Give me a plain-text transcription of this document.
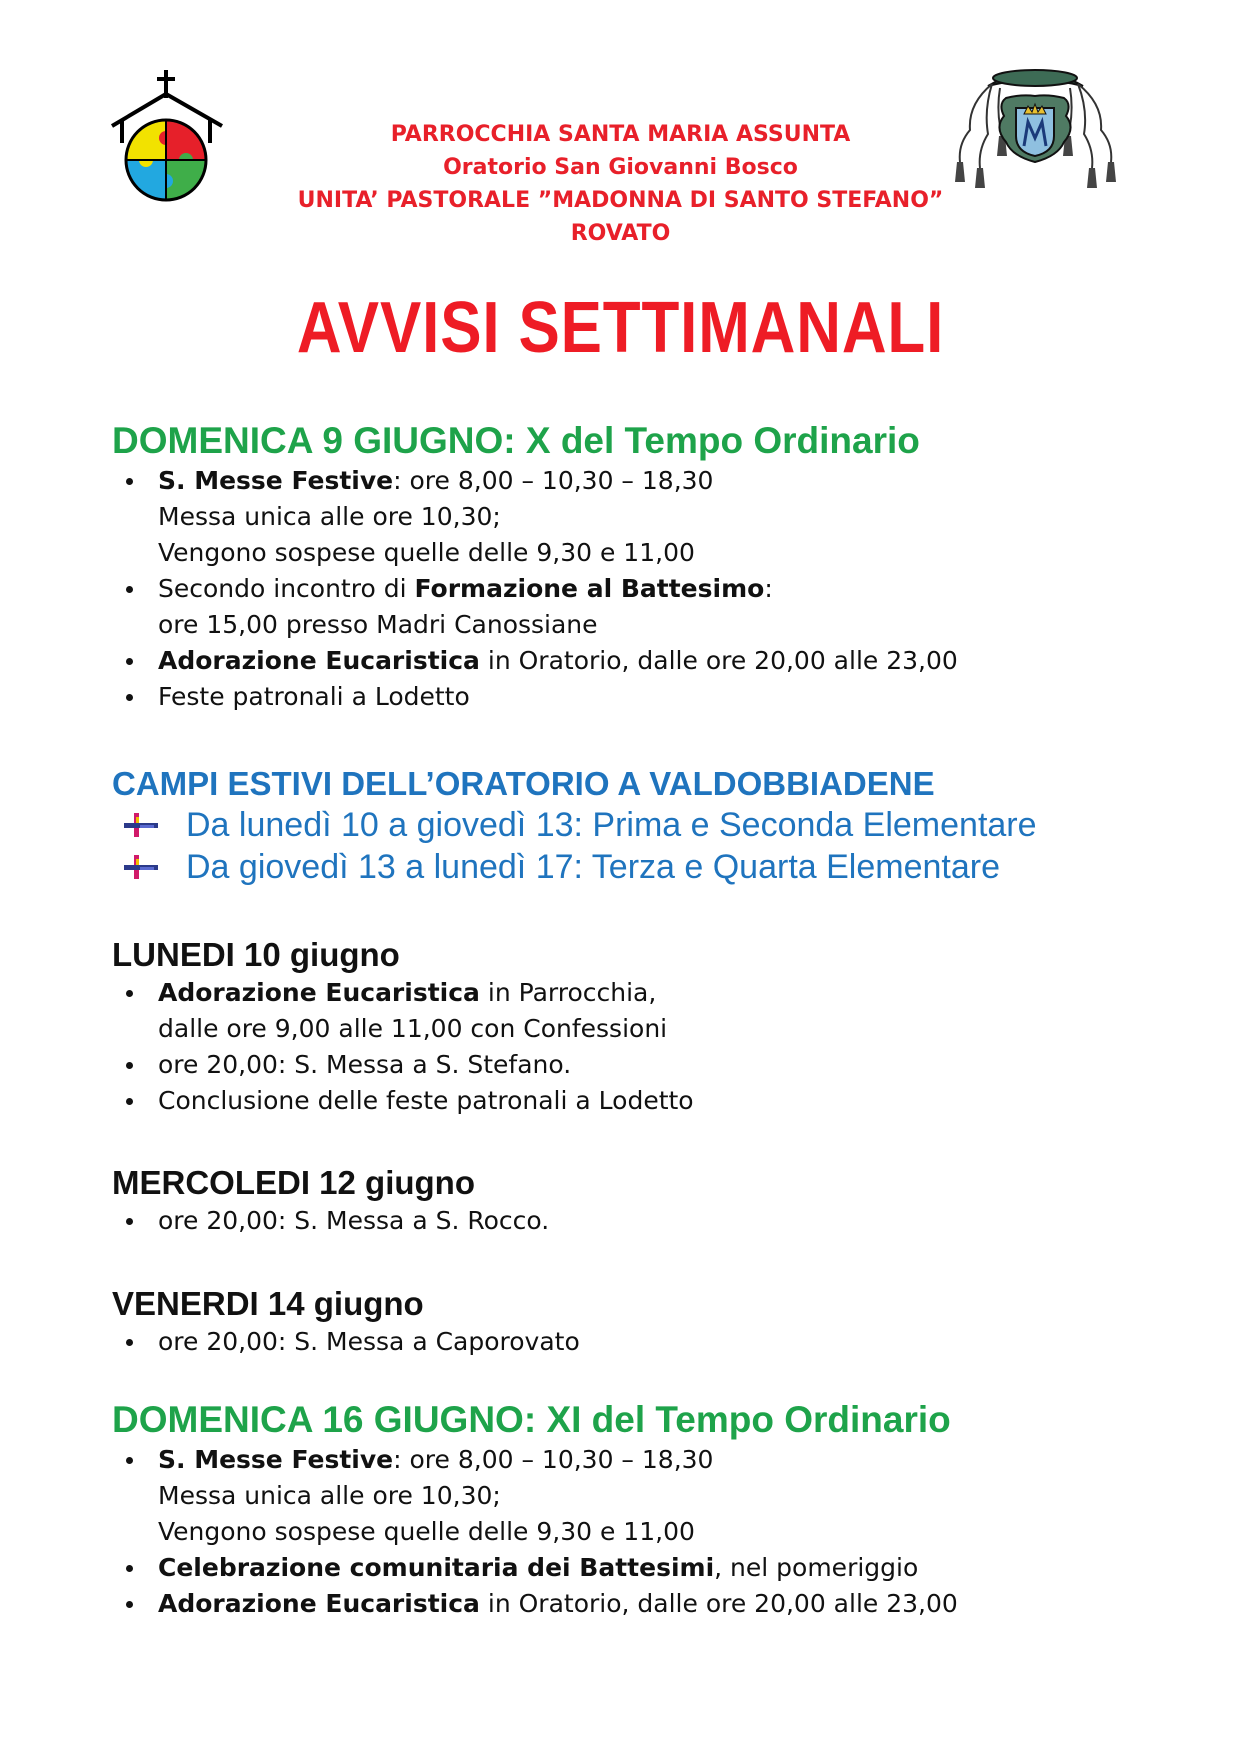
PARROCCHIA SANTA MARIA ASSUNTA
Oratorio San Giovanni Bosco
UNITA’ PASTORALE ”MADONNA DI SANTO STEFANO”
ROVATO
AVVISI SETTIMANALI
DOMENICA 9 GIUGNO: X del Tempo Ordinario
S. Messe Festive: ore 8,00 – 10,30 – 18,30
Messa unica alle ore 10,30;
Vengono sospese quelle delle 9,30 e 11,00
Secondo incontro di Formazione al Battesimo:
ore 15,00 presso Madri Canossiane
Adorazione Eucaristica in Oratorio, dalle ore 20,00 alle 23,00
Feste patronali a Lodetto
CAMPI ESTIVI DELL’ORATORIO A VALDOBBIADENE
Da lunedì 10 a giovedì 13: Prima e Seconda Elementare
Da giovedì 13 a lunedì 17: Terza e Quarta Elementare
LUNEDI 10 giugno
Adorazione Eucaristica in Parrocchia,
dalle ore 9,00 alle 11,00 con Confessioni
ore 20,00: S. Messa a S. Stefano.
Conclusione delle feste patronali a Lodetto
MERCOLEDI 12 giugno
ore 20,00: S. Messa a S. Rocco.
VENERDI 14 giugno
ore 20,00: S. Messa a Caporovato
DOMENICA 16 GIUGNO: XI del Tempo Ordinario
S. Messe Festive: ore 8,00 – 10,30 – 18,30
Messa unica alle ore 10,30;
Vengono sospese quelle delle 9,30 e 11,00
Celebrazione comunitaria dei Battesimi, nel pomeriggio
Adorazione Eucaristica in Oratorio, dalle ore 20,00 alle 23,00
